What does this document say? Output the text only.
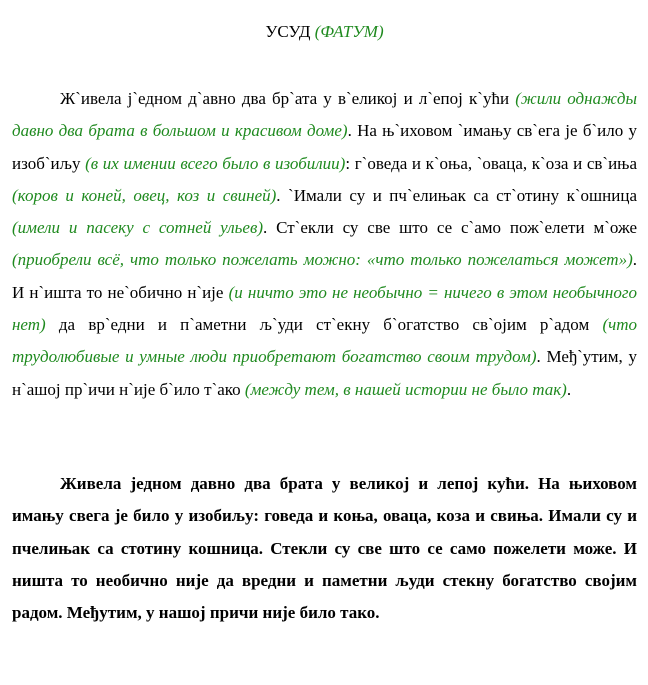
УСУД (ФАТУМ)

Ж`ивела j`едном д`авно два бр`ата у в`еликој и л`епој к`ући (жили однажды давно два брата в большом и красивом доме). На њ`иховом `имању св`ега је б`ило у изоб`иљу (в их имении всего было в изобилии): г`оведа и к`оња, `оваца, к`оза и св`иња (коров и коней, овец, коз и свиней). `Имали су и пч`елињак са ст`отину к`ошница (имели и пасеку с сотней ульев). Ст`екли су све што се с`амо пож`елети м`оже (приобрели всё, что только пожелать можно: «что только пожелаться может»). И н`ишта то не`обично н`ије (и ничто это не необычно = ничего в этом необычного нет) да вр`едни и п`аметни љ`уди ст`екну б`огатство св`ојим р`адом (что трудолюбивые и умные люди приобретают богатство своим трудом). Међ`утим, у н`ашој пр`ичи н`ије б`ило т`ако (между тем, в нашей истории не было так).

Живела једном давно два брата у великој и лепој кући. На њиховом имању свега је било у изобиљу: говеда и коња, оваца, коза и свиња. Имали су и пчелињак са стотину кошница. Стекли су све што се само пожелети може. И ништа то необично није да вредни и паметни људи стекну богатство својим радом. Међутим, у нашој причи није било тако.
